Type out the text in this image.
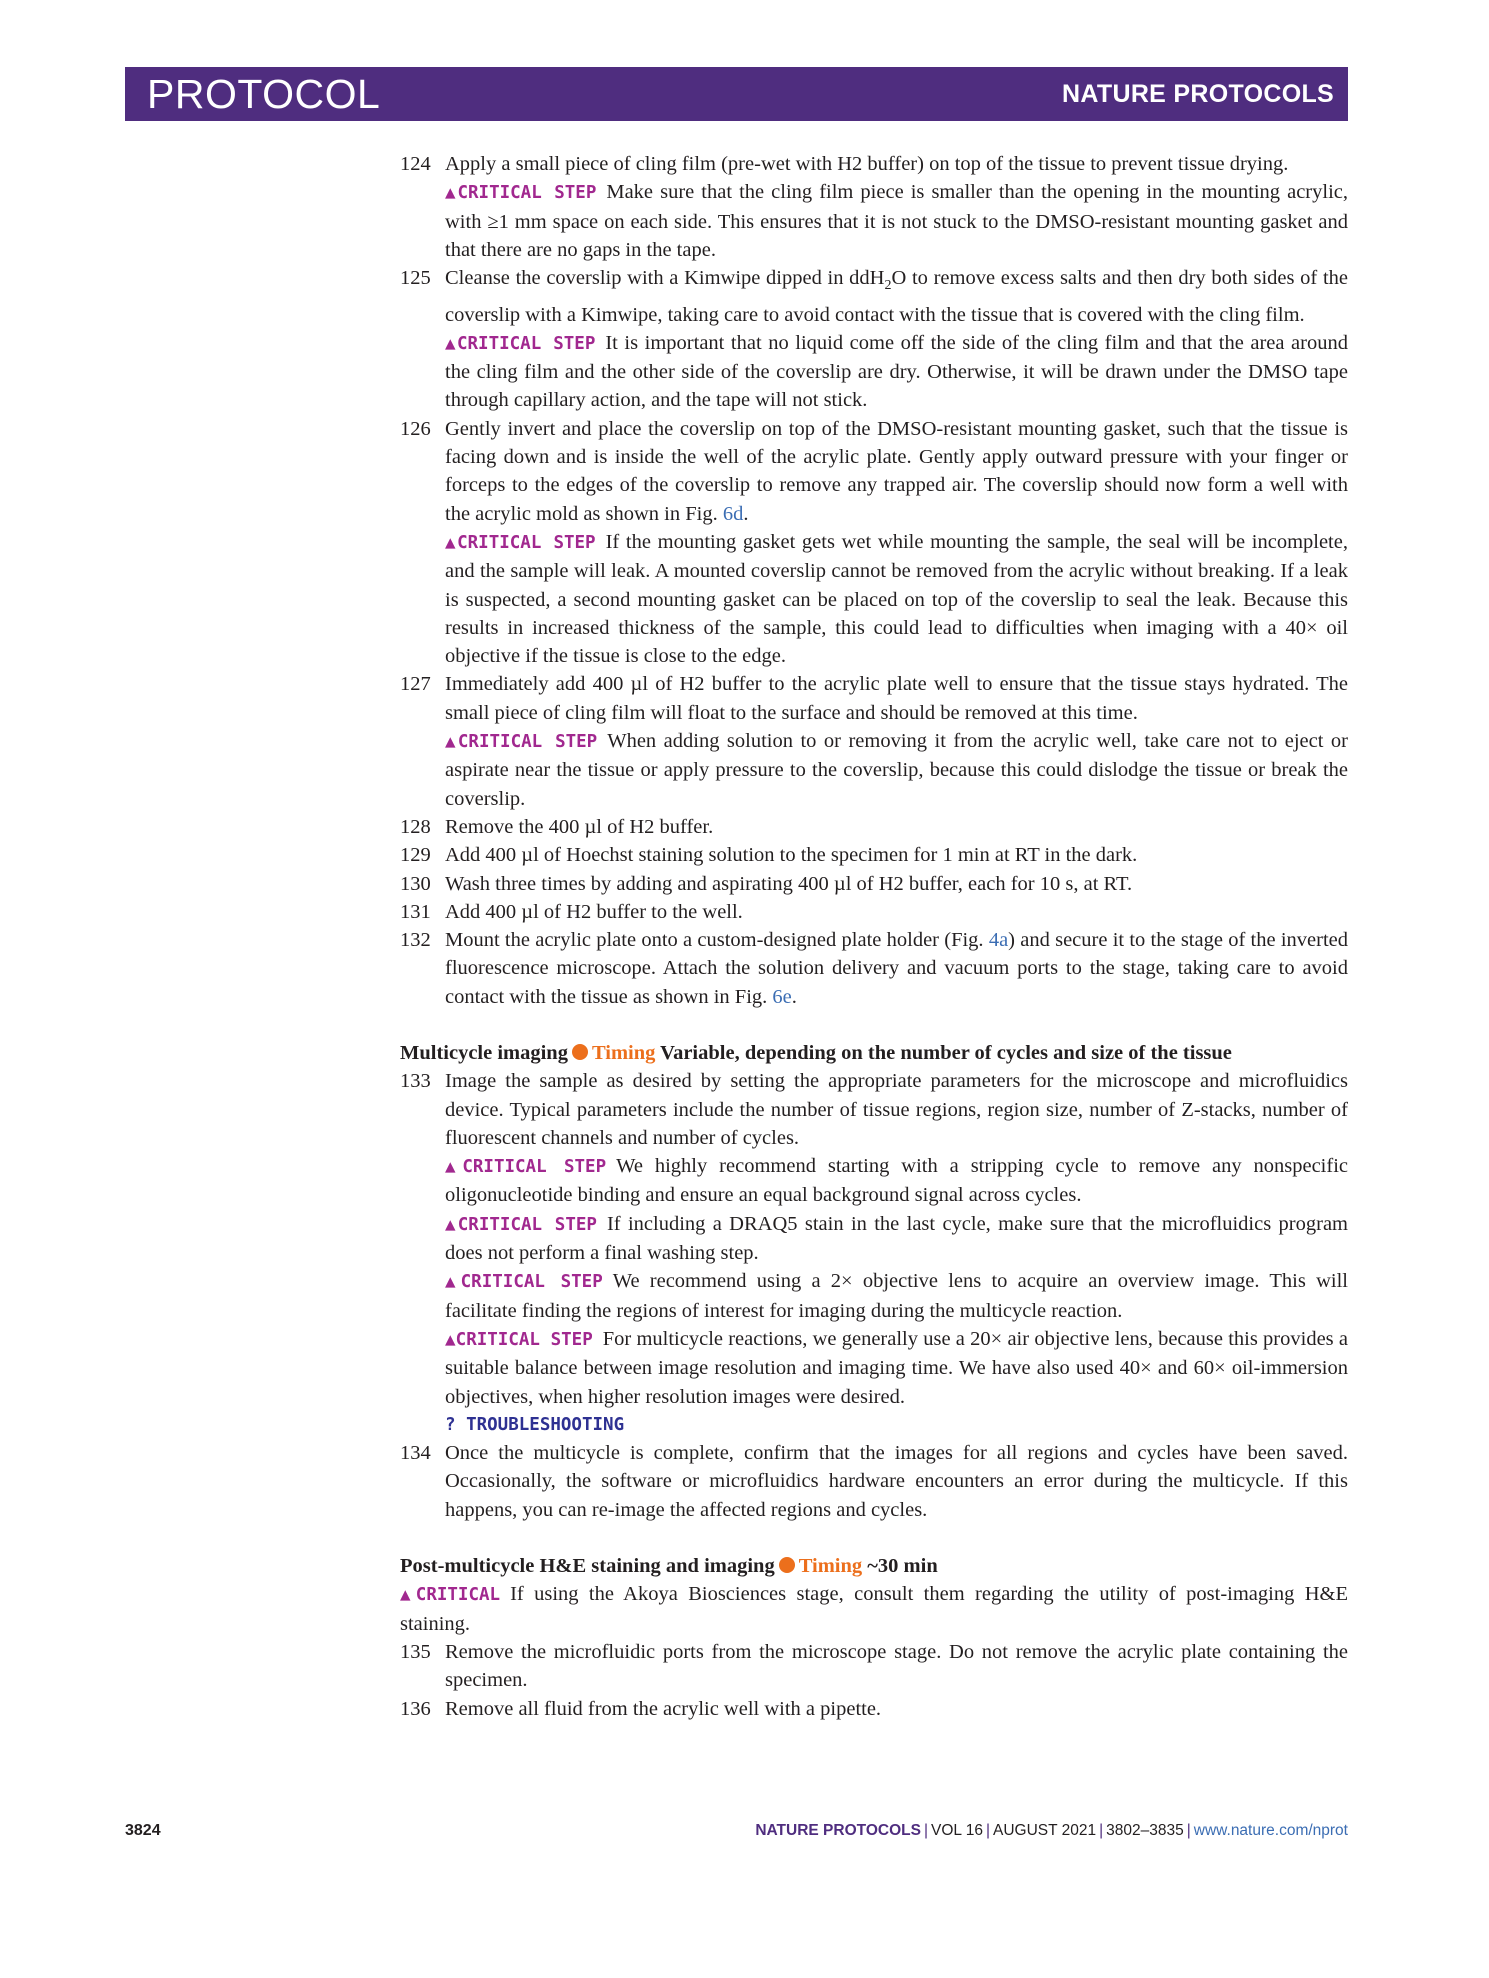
PROTOCOL	NATURE PROTOCOLS
124 Apply a small piece of cling film (pre-wet with H2 buffer) on top of the tissue to prevent tissue drying.
▲CRITICAL STEP Make sure that the cling film piece is smaller than the opening in the mounting acrylic, with ≥1 mm space on each side. This ensures that it is not stuck to the DMSO-resistant mounting gasket and that there are no gaps in the tape.
125 Cleanse the coverslip with a Kimwipe dipped in ddH$_2$O to remove excess salts and then dry both sides of the coverslip with a Kimwipe, taking care to avoid contact with the tissue that is covered with the cling film.
▲CRITICAL STEP It is important that no liquid come off the side of the cling film and that the area around the cling film and the other side of the coverslip are dry. Otherwise, it will be drawn under the DMSO tape through capillary action, and the tape will not stick.
126 Gently invert and place the coverslip on top of the DMSO-resistant mounting gasket, such that the tissue is facing down and is inside the well of the acrylic plate. Gently apply outward pressure with your finger or forceps to the edges of the coverslip to remove any trapped air. The coverslip should now form a well with the acrylic mold as shown in Fig. 6d.
▲CRITICAL STEP If the mounting gasket gets wet while mounting the sample, the seal will be incomplete, and the sample will leak. A mounted coverslip cannot be removed from the acrylic without breaking. If a leak is suspected, a second mounting gasket can be placed on top of the coverslip to seal the leak. Because this results in increased thickness of the sample, this could lead to difficulties when imaging with a 40× oil objective if the tissue is close to the edge.
127 Immediately add 400 µl of H2 buffer to the acrylic plate well to ensure that the tissue stays hydrated. The small piece of cling film will float to the surface and should be removed at this time.
▲CRITICAL STEP When adding solution to or removing it from the acrylic well, take care not to eject or aspirate near the tissue or apply pressure to the coverslip, because this could dislodge the tissue or break the coverslip.
128 Remove the 400 µl of H2 buffer.
129 Add 400 µl of Hoechst staining solution to the specimen for 1 min at RT in the dark.
130 Wash three times by adding and aspirating 400 µl of H2 buffer, each for 10 s, at RT.
131 Add 400 µl of H2 buffer to the well.
132 Mount the acrylic plate onto a custom-designed plate holder (Fig. 4a) and secure it to the stage of the inverted fluorescence microscope. Attach the solution delivery and vacuum ports to the stage, taking care to avoid contact with the tissue as shown in Fig. 6e.
Multicycle imaging Timing Variable, depending on the number of cycles and size of the tissue
133 Image the sample as desired by setting the appropriate parameters for the microscope and microfluidics device. Typical parameters include the number of tissue regions, region size, number of Z-stacks, number of fluorescent channels and number of cycles.
▲CRITICAL STEP We highly recommend starting with a stripping cycle to remove any nonspecific oligonucleotide binding and ensure an equal background signal across cycles.
▲CRITICAL STEP If including a DRAQ5 stain in the last cycle, make sure that the microfluidics program does not perform a final washing step.
▲CRITICAL STEP We recommend using a 2× objective lens to acquire an overview image. This will facilitate finding the regions of interest for imaging during the multicycle reaction.
▲CRITICAL STEP For multicycle reactions, we generally use a 20× air objective lens, because this provides a suitable balance between image resolution and imaging time. We have also used 40× and 60× oil-immersion objectives, when higher resolution images were desired.
? TROUBLESHOOTING
134 Once the multicycle is complete, confirm that the images for all regions and cycles have been saved. Occasionally, the software or microfluidics hardware encounters an error during the multicycle. If this happens, you can re-image the affected regions and cycles.
Post-multicycle H&E staining and imaging Timing ~30 min
▲CRITICAL If using the Akoya Biosciences stage, consult them regarding the utility of post-imaging H&E staining.
135 Remove the microfluidic ports from the microscope stage. Do not remove the acrylic plate containing the specimen.
136 Remove all fluid from the acrylic well with a pipette.
3824	NATURE PROTOCOLS | VOL 16 | AUGUST 2021 | 3802–3835 | www.nature.com/nprot
